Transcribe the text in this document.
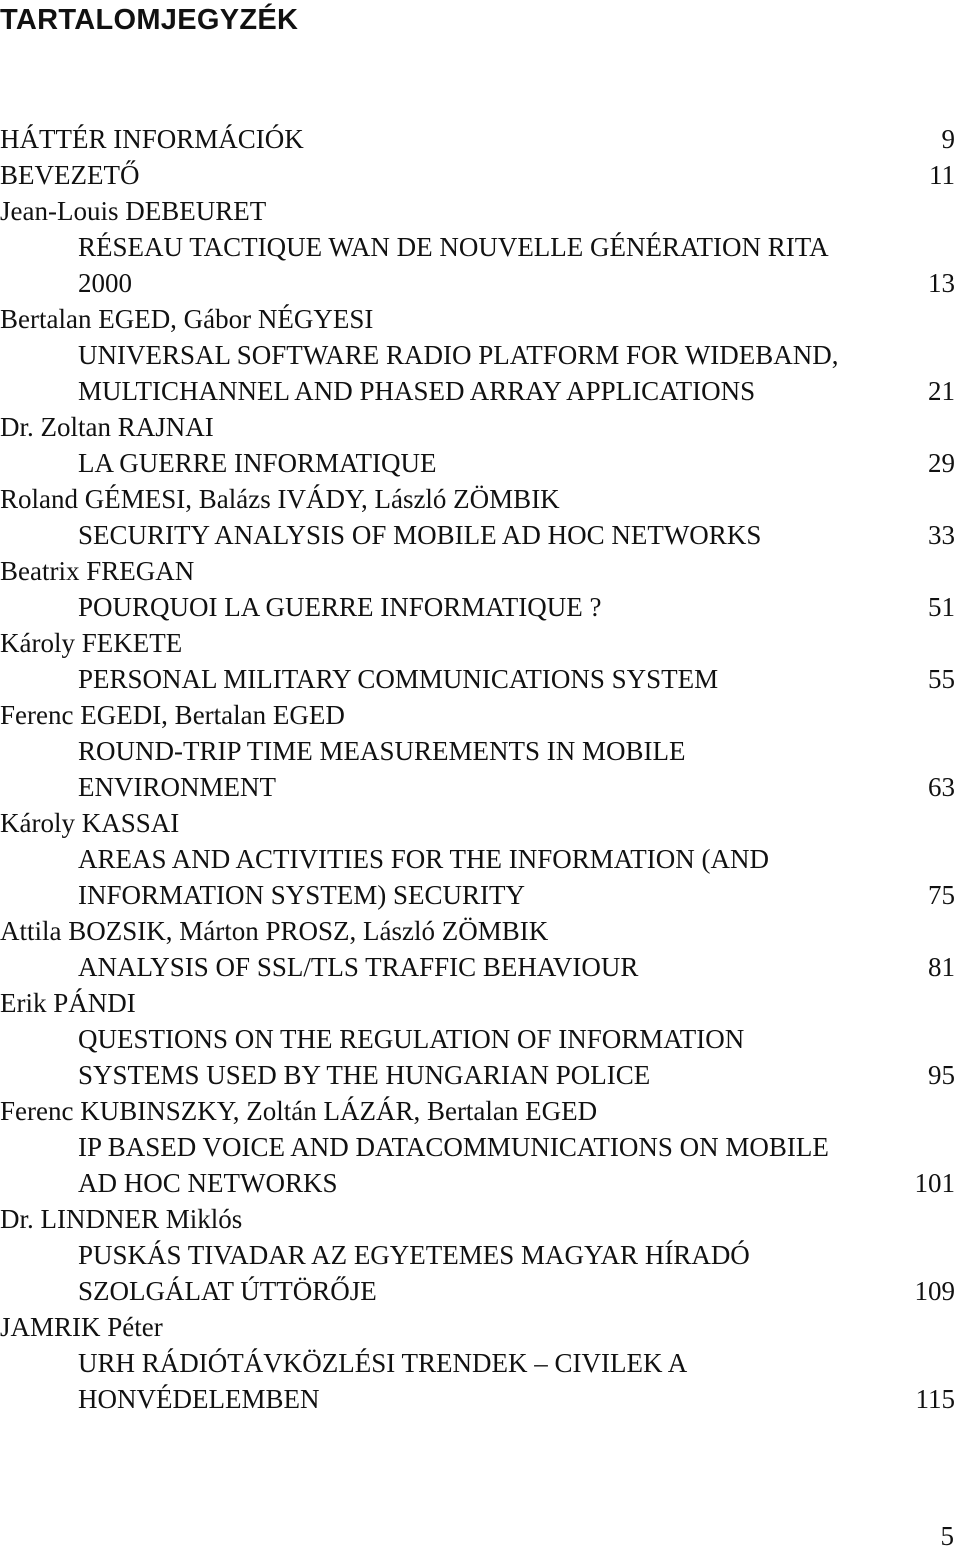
TARTALOMJEGYZÉK
HÁTTÉR INFORMÁCIÓK	9
BEVEZETŐ	11
Jean-Louis DEBEURET
RÉSEAU TACTIQUE WAN DE NOUVELLE GÉNÉRATION RITA
2000	13
Bertalan EGED, Gábor NÉGYESI
UNIVERSAL SOFTWARE RADIO PLATFORM FOR WIDEBAND,
MULTICHANNEL AND PHASED ARRAY APPLICATIONS	21
Dr. Zoltan RAJNAI
LA GUERRE INFORMATIQUE	29
Roland GÉMESI, Balázs IVÁDY, László ZÖMBIK
SECURITY ANALYSIS OF MOBILE AD HOC NETWORKS	33
Beatrix FREGAN
POURQUOI LA GUERRE INFORMATIQUE ?	51
Károly FEKETE
PERSONAL MILITARY COMMUNICATIONS SYSTEM	55
Ferenc EGEDI, Bertalan EGED
ROUND-TRIP TIME MEASUREMENTS IN MOBILE
ENVIRONMENT	63
Károly KASSAI
AREAS AND ACTIVITIES FOR THE INFORMATION (AND
INFORMATION SYSTEM) SECURITY	75
Attila BOZSIK, Márton PROSZ, László ZÖMBIK
ANALYSIS OF SSL/TLS TRAFFIC BEHAVIOUR	81
Erik PÁNDI
QUESTIONS ON THE REGULATION OF INFORMATION
SYSTEMS USED BY THE HUNGARIAN POLICE	95
Ferenc KUBINSZKY, Zoltán LÁZÁR, Bertalan EGED
IP BASED VOICE AND DATACOMMUNICATIONS ON MOBILE
AD HOC NETWORKS	101
Dr. LINDNER Miklós
PUSKÁS TIVADAR AZ EGYETEMES MAGYAR HÍRADÓ
SZOLGÁLAT ÚTTÖRŐJE	109
JAMRIK Péter
URH RÁDIÓTÁVKÖZLÉSI TRENDEK – CIVILEK A
HONVÉDELEMBEN	115
5
